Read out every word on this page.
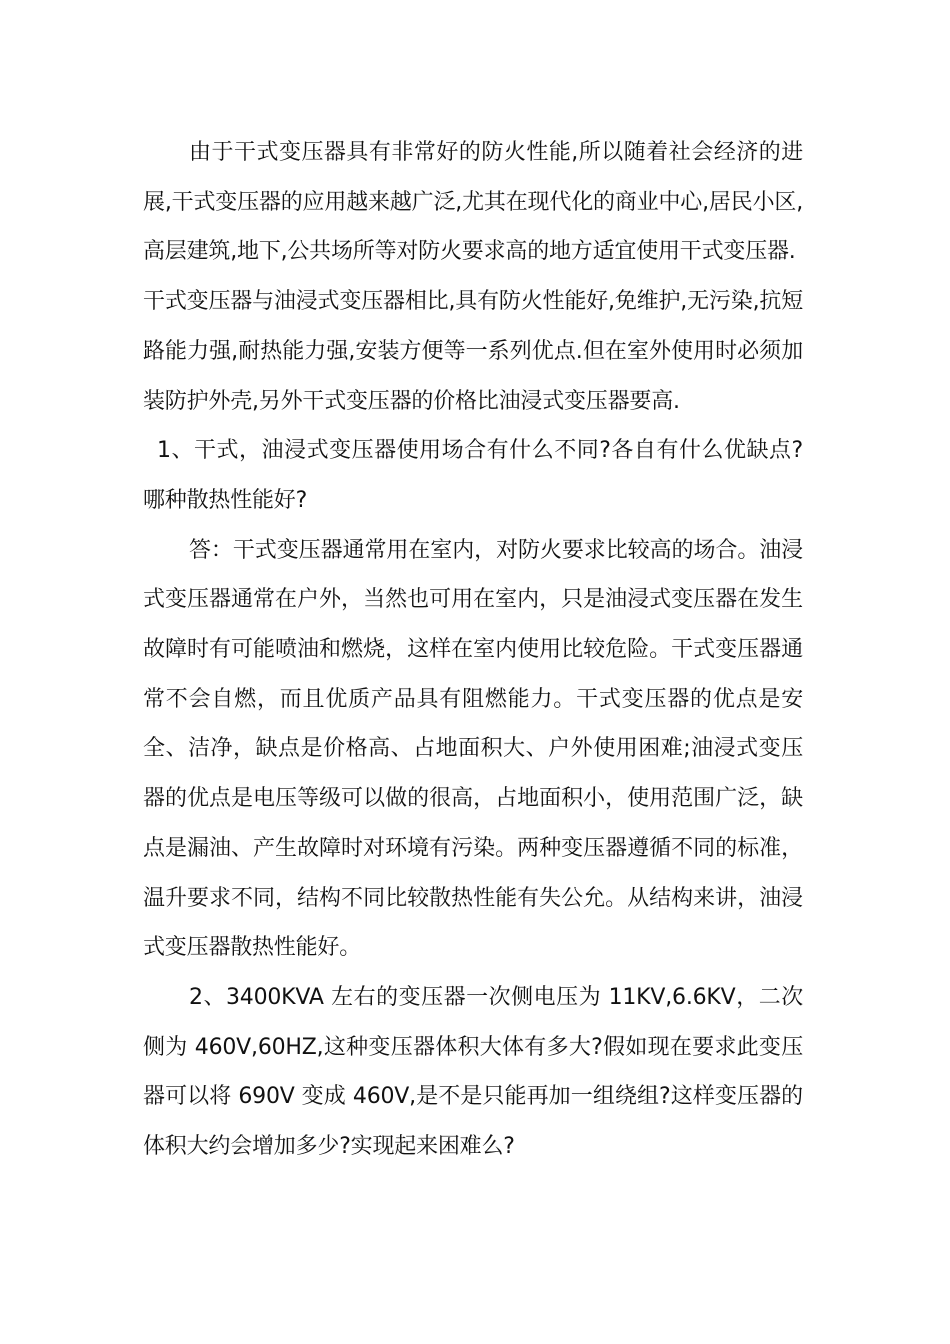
由于干式变压器具有非常好的防火性能,所以随着社会经济的进展,干式变压器的应用越来越广泛,尤其在现代化的商业中心,居民小区,高层建筑,地下,公共场所等对防火要求高的地方适宜使用干式变压器.

干式变压器与油浸式变压器相比,具有防火性能好,免维护,无污染,抗短路能力强,耐热能力强,安装方便等一系列优点.但在室外使用时必须加装防护外壳,另外干式变压器的价格比油浸式变压器要高.

1、干式，油浸式变压器使用场合有什么不同?各自有什么优缺点?哪种散热性能好?

答：干式变压器通常用在室内，对防火要求比较高的场合。油浸式变压器通常在户外，当然也可用在室内，只是油浸式变压器在发生故障时有可能喷油和燃烧，这样在室内使用比较危险。干式变压器通常不会自燃，而且优质产品具有阻燃能力。干式变压器的优点是安全、洁净，缺点是价格高、占地面积大、户外使用困难;油浸式变压器的优点是电压等级可以做的很高，占地面积小，使用范围广泛，缺点是漏油、产生故障时对环境有污染。两种变压器遵循不同的标准，温升要求不同，结构不同比较散热性能有失公允。从结构来讲，油浸式变压器散热性能好。

2、3400KVA 左右的变压器一次侧电压为 11KV,6.6KV，二次侧为 460V,60HZ,这种变压器体积大体有多大?假如现在要求此变压器可以将 690V 变成 460V,是不是只能再加一组绕组?这样变压器的体积大约会增加多少?实现起来困难么?
